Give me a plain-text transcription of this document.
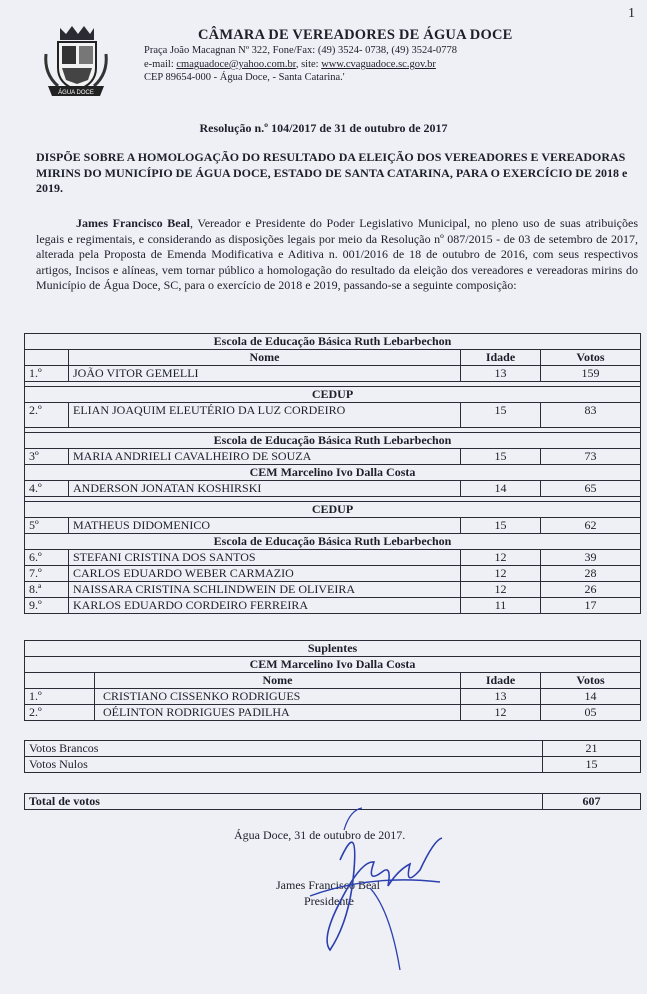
1
ÁGUA DOCE
CÂMARA DE VEREADORES DE ÁGUA DOCE
Praça João Macagnan Nº 322, Fone/Fax: (49) 3524- 0738, (49) 3524-0778
e-mail: cmaguadoce@yahoo.com.br, site: www.cvaguadoce.sc.gov.br
CEP 89654-000 - Água Doce, - Santa Catarina.'
Resolução n.º 104/2017 de 31 de outubro de 2017
DISPÕE SOBRE A HOMOLOGAÇÃO DO RESULTADO DA ELEIÇÃO DOS VEREADORES E VEREADORAS MIRINS DO MUNICÍPIO DE ÁGUA DOCE, ESTADO DE SANTA CATARINA, PARA O EXERCÍCIO DE 2018 e 2019.
James Francisco Beal, Vereador e Presidente do Poder Legislativo Municipal, no pleno uso de suas atribuições legais e regimentais, e considerando as disposições legais por meio da Resolução nº 087/2015 - de 03 de setembro de 2017, alterada pela Proposta de Emenda Modificativa e Aditiva n. 001/2016 de 18 de outubro de 2016, com seus respectivos artigos, Incisos e alíneas, vem tornar público a homologação do resultado da eleição dos vereadores e vereadoras mirins do Município de Água Doce, SC, para o exercício de 2018 e 2019, passando-se a seguinte composição:
Escola de Educação Básica Ruth Lebarbechon			
	Nome	Idade	Votos
1.º	JOÃO VITOR GEMELLI	13	159

CEDUP			
2.º	ELIAN JOAQUIM ELEUTÉRIO DA LUZ CORDEIRO	15	83

Escola de Educação Básica Ruth Lebarbechon			
3º	MARIA ANDRIELI CAVALHEIRO DE SOUZA	15	73
CEM Marcelino Ivo Dalla Costa			
4.º	ANDERSON JONATAN KOSHIRSKI	14	65

CEDUP			
5º	MATHEUS DIDOMENICO	15	62
Escola de Educação Básica Ruth Lebarbechon			
6.º	STEFANI CRISTINA DOS SANTOS	12	39
7.º	CARLOS EDUARDO WEBER CARMAZIO	12	28
8.ª	NAISSARA CRISTINA SCHLINDWEIN DE OLIVEIRA	12	26
9.º	KARLOS EDUARDO CORDEIRO FERREIRA	11	17
Suplentes			
CEM Marcelino Ivo Dalla Costa			
	Nome	Idade	Votos
1.º	CRISTIANO CISSENKO RODRIGUES	13	14
2.º	OÉLINTON RODRIGUES PADILHA	12	05
Votos Brancos	21
Votos Nulos	15
Total de votos	607
Água Doce, 31 de outubro de 2017.
James Francisco Beal
Presidente
